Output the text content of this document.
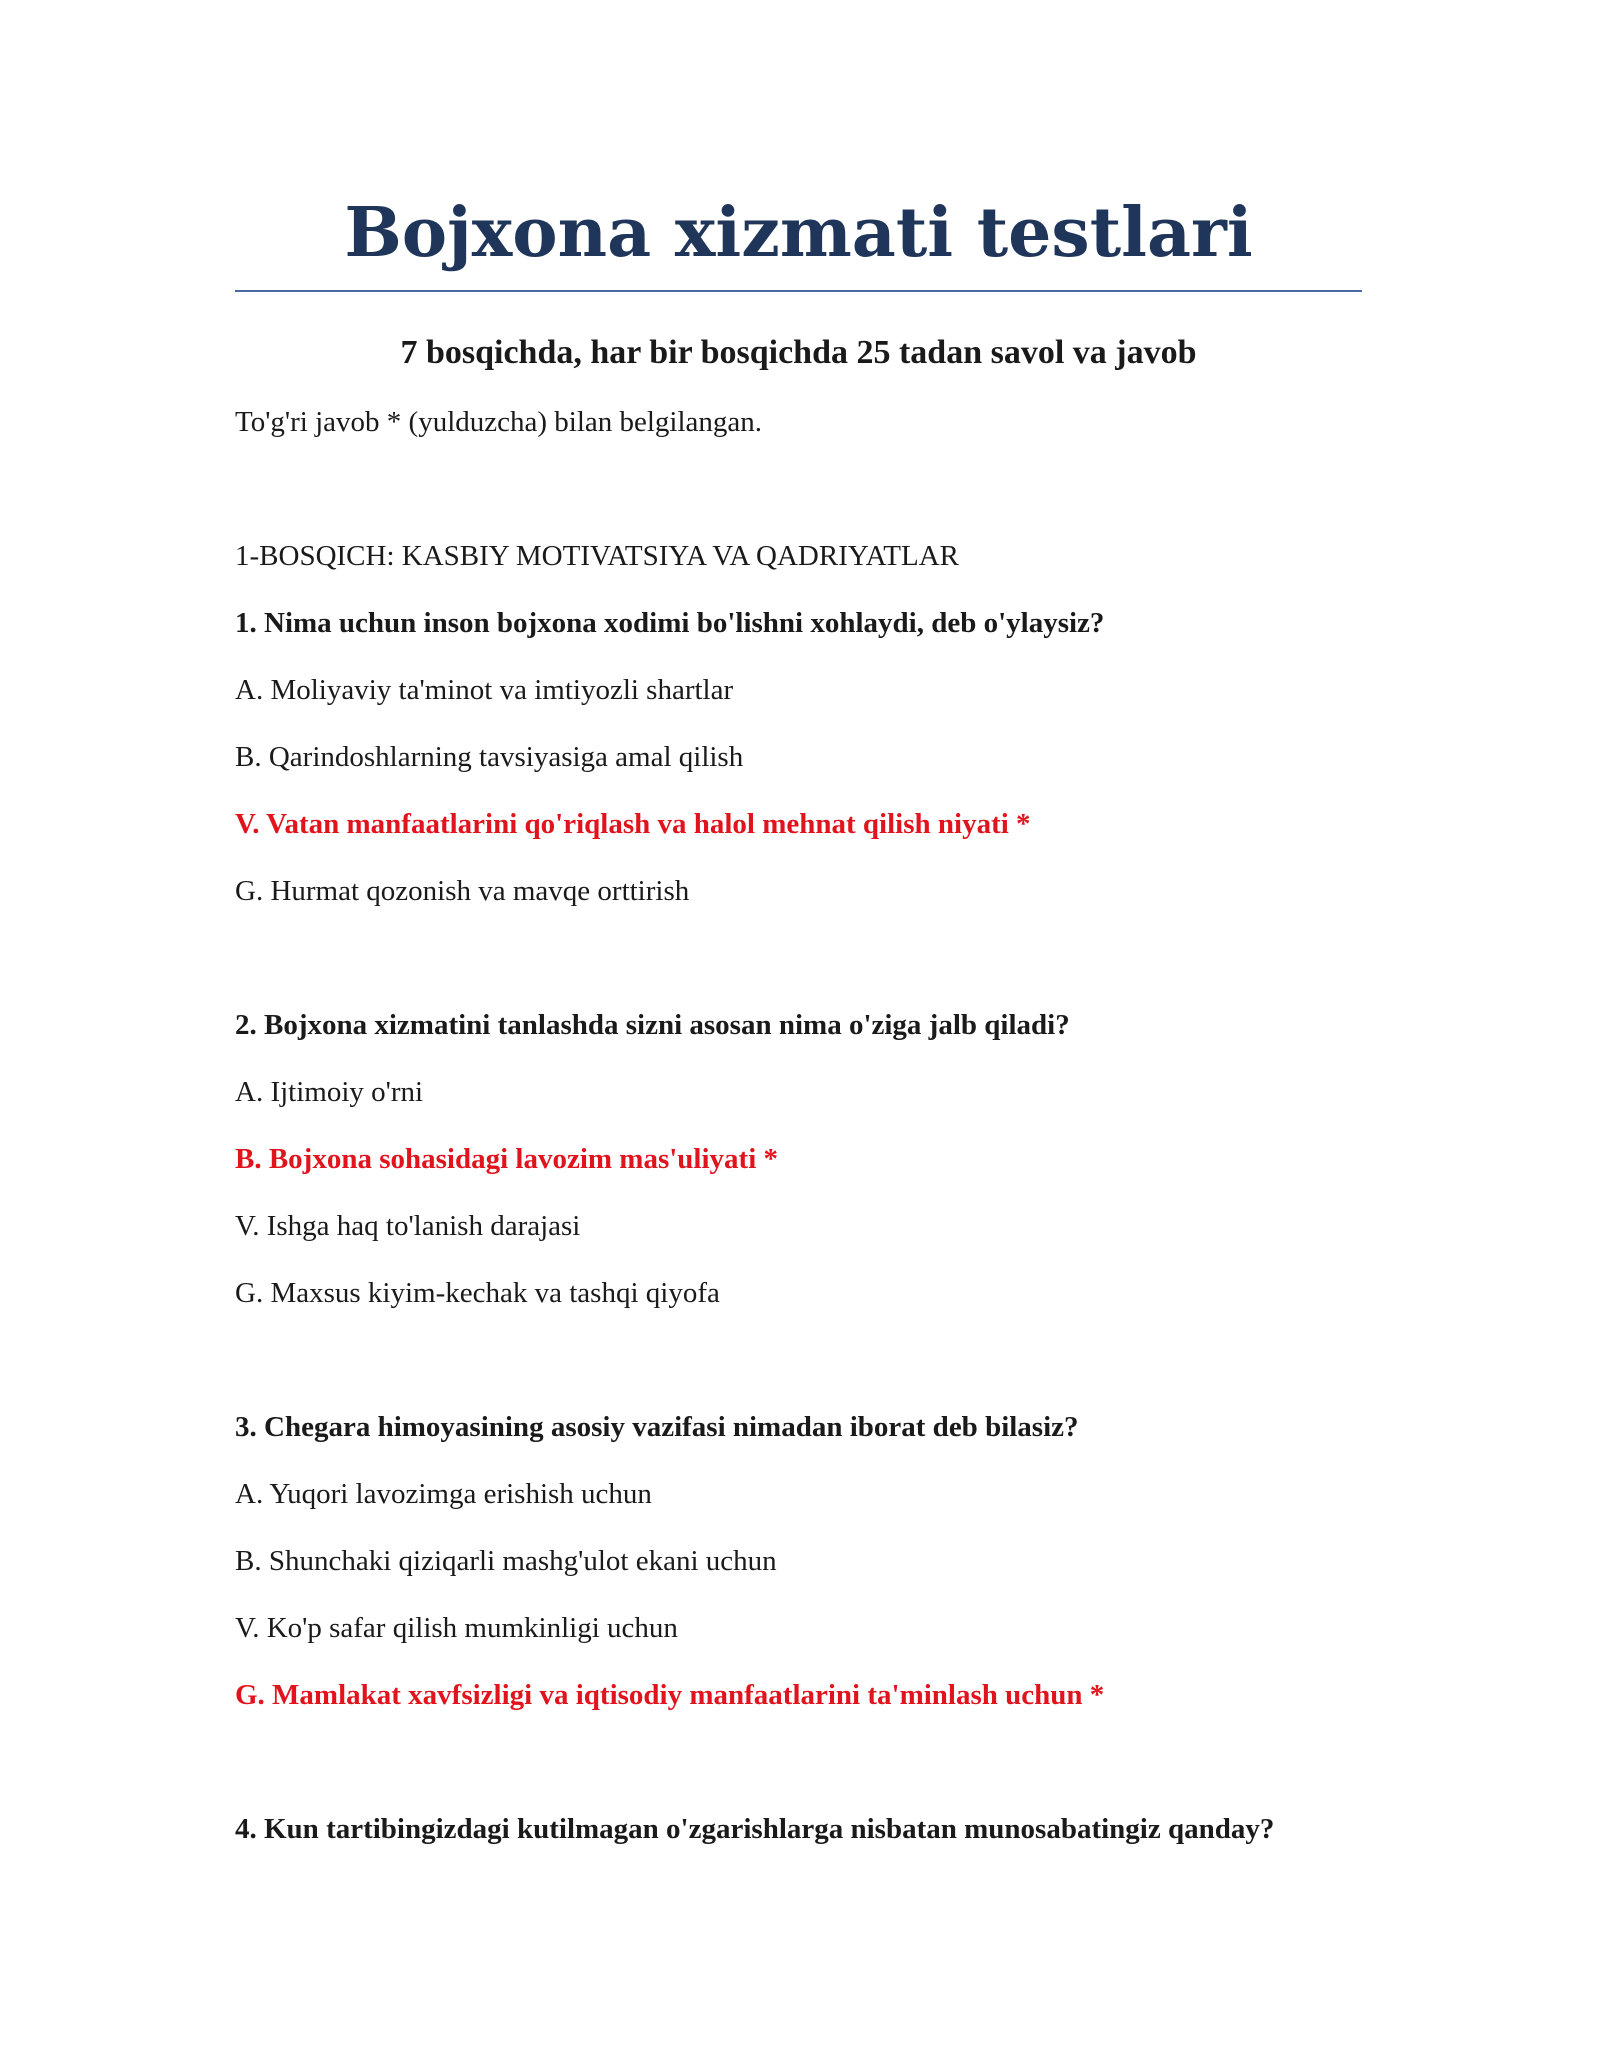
Bojxona xizmati testlari
7 bosqichda, har bir bosqichda 25 tadan savol va javob
To'g'ri javob * (yulduzcha) bilan belgilangan.
1-BOSQICH: KASBIY MOTIVATSIYA VA QADRIYATLAR
1. Nima uchun inson bojxona xodimi bo'lishni xohlaydi, deb o'ylaysiz?
A. Moliyaviy ta'minot va imtiyozli shartlar
B. Qarindoshlarning tavsiyasiga amal qilish
V. Vatan manfaatlarini qo'riqlash va halol mehnat qilish niyati *
G. Hurmat qozonish va mavqe orttirish
2. Bojxona xizmatini tanlashda sizni asosan nima o'ziga jalb qiladi?
A. Ijtimoiy o'rni
B. Bojxona sohasidagi lavozim mas'uliyati *
V. Ishga haq to'lanish darajasi
G. Maxsus kiyim-kechak va tashqi qiyofa
3. Chegara himoyasining asosiy vazifasi nimadan iborat deb bilasiz?
A. Yuqori lavozimga erishish uchun
B. Shunchaki qiziqarli mashg'ulot ekani uchun
V. Ko'p safar qilish mumkinligi uchun
G. Mamlakat xavfsizligi va iqtisodiy manfaatlarini ta'minlash uchun *
4. Kun tartibingizdagi kutilmagan o'zgarishlarga nisbatan munosabatingiz qanday?
